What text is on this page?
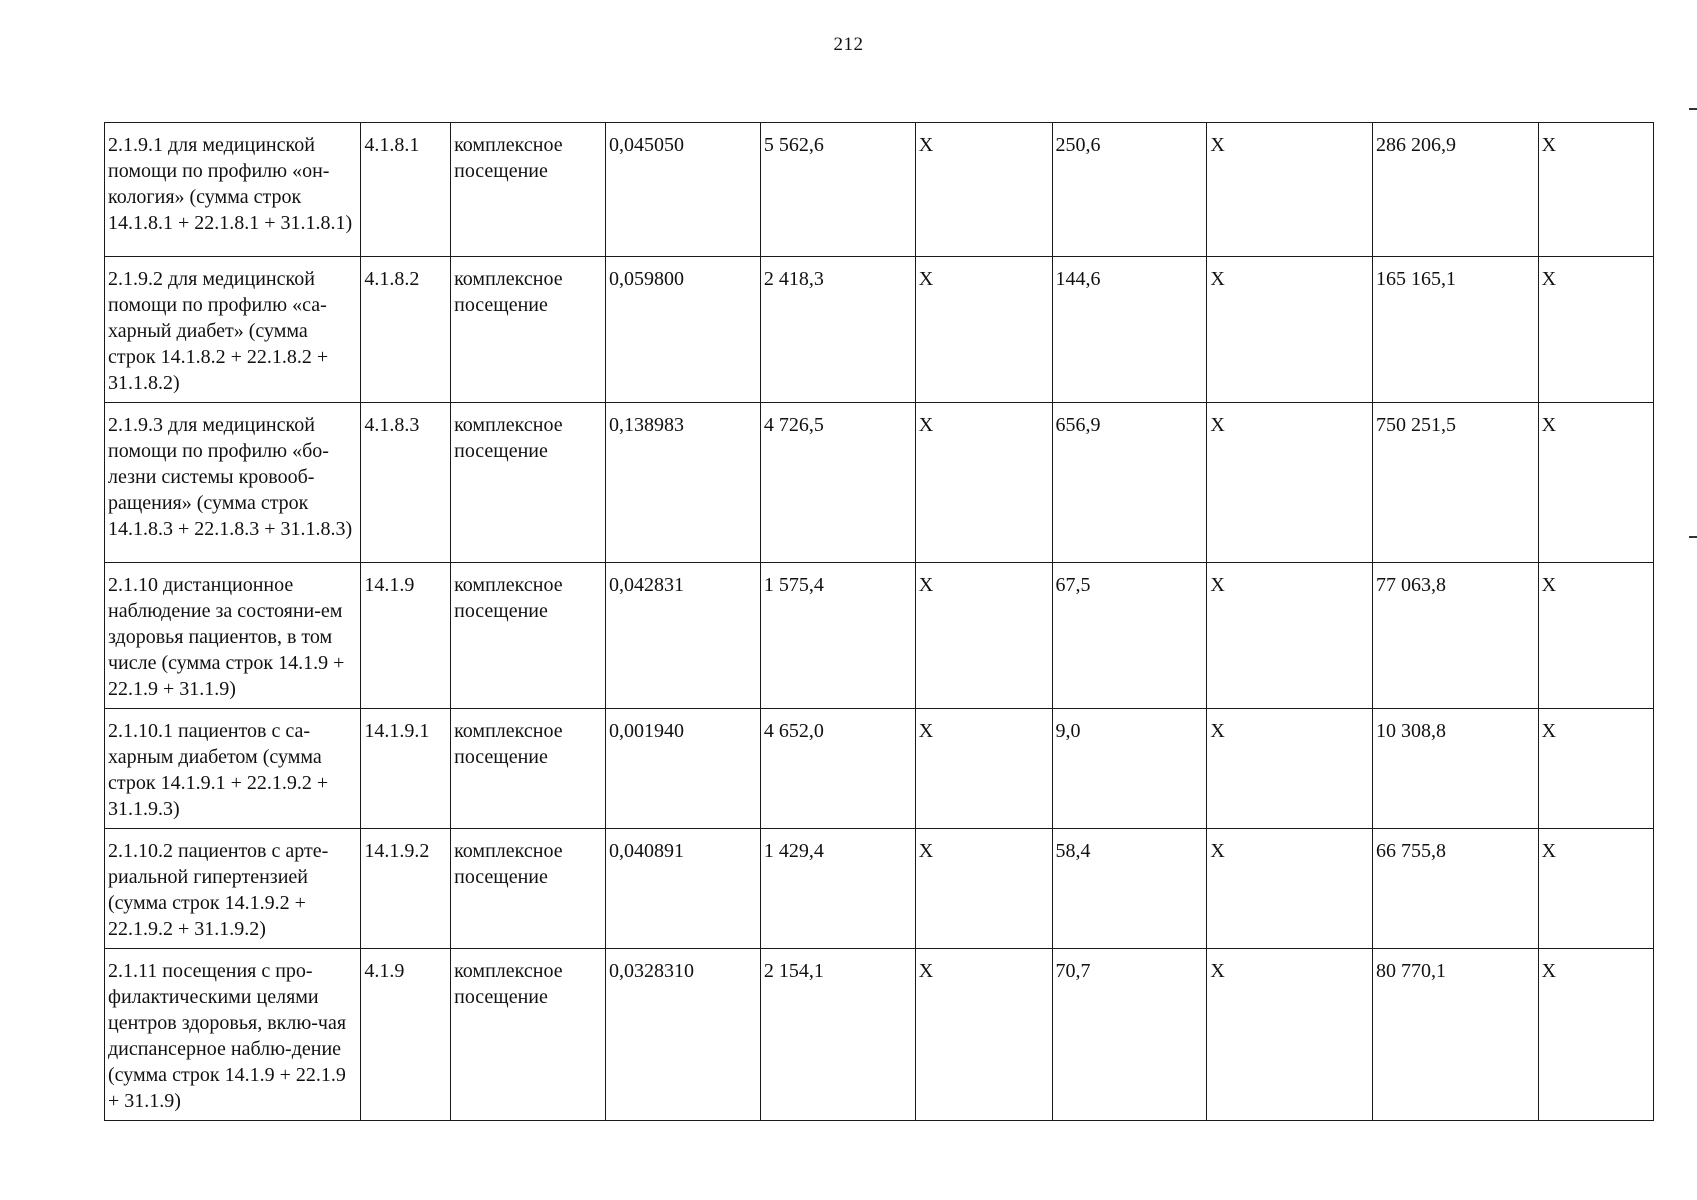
212
2.1.9.1 для медицинской помощи по профилю «он-кология» (сумма строк 14.1.8.1 + 22.1.8.1 + 31.1.8.1)	4.1.8.1	комплексное посещение	0,045050	5 562,6	X	250,6	X	286 206,9	X
2.1.9.2 для медицинской помощи по профилю «са-харный диабет» (сумма строк 14.1.8.2 + 22.1.8.2 + 31.1.8.2)	4.1.8.2	комплексное посещение	0,059800	2 418,3	X	144,6	X	165 165,1	X
2.1.9.3 для медицинской помощи по профилю «бо-лезни системы кровооб-ращения» (сумма строк 14.1.8.3 + 22.1.8.3 + 31.1.8.3)	4.1.8.3	комплексное посещение	0,138983	4 726,5	X	656,9	X	750 251,5	X
2.1.10 дистанционное наблюдение за состояни-ем здоровья пациентов, в том числе (сумма строк 14.1.9 + 22.1.9 + 31.1.9)	14.1.9	комплексное посещение	0,042831	1 575,4	X	67,5	X	77 063,8	X
2.1.10.1 пациентов с са-харным диабетом (сумма строк 14.1.9.1 + 22.1.9.2 + 31.1.9.3)	14.1.9.1	комплексное посещение	0,001940	4 652,0	X	9,0	X	10 308,8	X
2.1.10.2 пациентов с арте-риальной гипертензией (сумма строк 14.1.9.2 + 22.1.9.2 + 31.1.9.2)	14.1.9.2	комплексное посещение	0,040891	1 429,4	X	58,4	X	66 755,8	X
2.1.11 посещения с про-филактическими целями центров здоровья, вклю-чая диспансерное наблю-дение (сумма строк 14.1.9 + 22.1.9 + 31.1.9)	4.1.9	комплексное посещение	0,0328310	2 154,1	X	70,7	X	80 770,1	X
